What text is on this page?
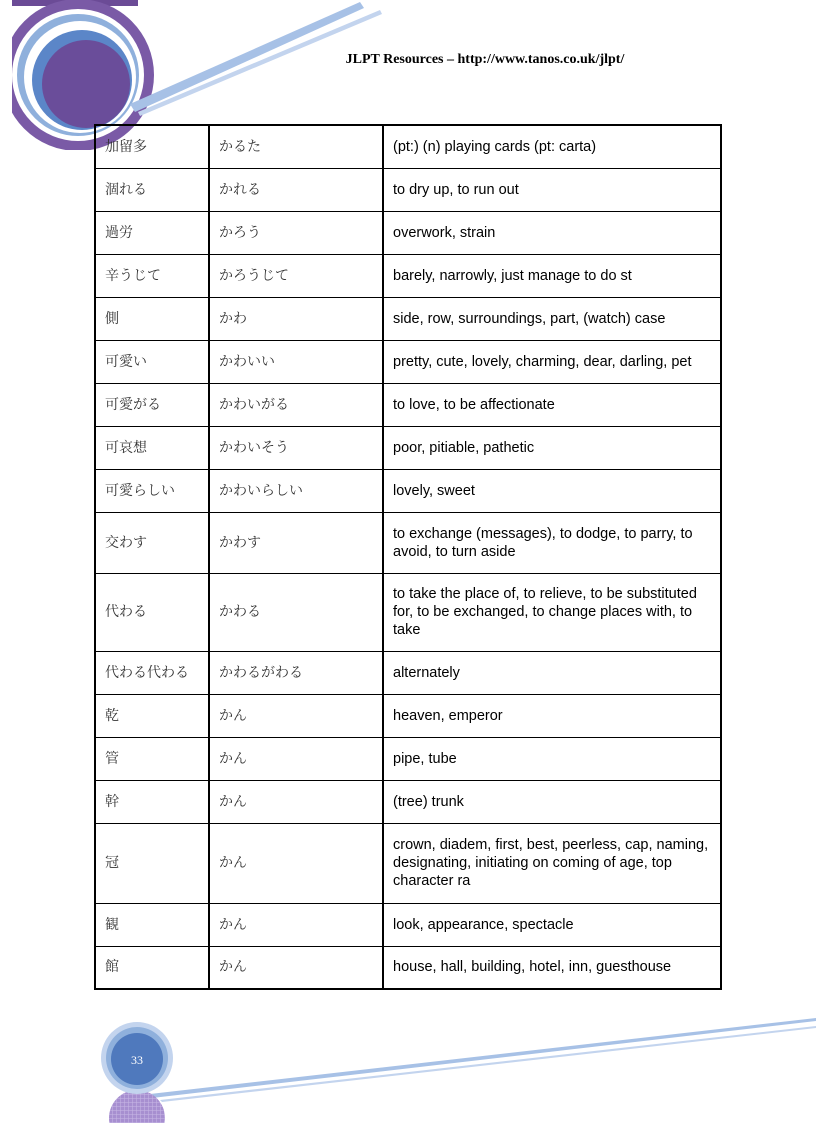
JLPT Resources – http://www.tanos.co.uk/jlpt/
加留多	かるた	(pt:) (n) playing cards (pt: carta)
涸れる	かれる	to dry up, to run out
過労	かろう	overwork, strain
辛うじて	かろうじて	barely, narrowly, just manage to do st
側	かわ	side, row, surroundings, part, (watch) case
可愛い	かわいい	pretty, cute, lovely, charming, dear, darling, pet
可愛がる	かわいがる	to love, to be affectionate
可哀想	かわいそう	poor, pitiable, pathetic
可愛らしい	かわいらしい	lovely, sweet
交わす	かわす	to exchange (messages), to dodge, to parry, to avoid, to turn aside
代わる	かわる	to take the place of, to relieve, to be substituted for, to be exchanged, to change places with, to take
代わる代わる	かわるがわる	alternately
乾	かん	heaven, emperor
管	かん	pipe, tube
幹	かん	(tree) trunk
冠	かん	crown, diadem, first, best, peerless, cap, naming, designating, initiating on coming of age, top character ra
観	かん	look, appearance, spectacle
館	かん	house, hall, building, hotel, inn, guesthouse
33
